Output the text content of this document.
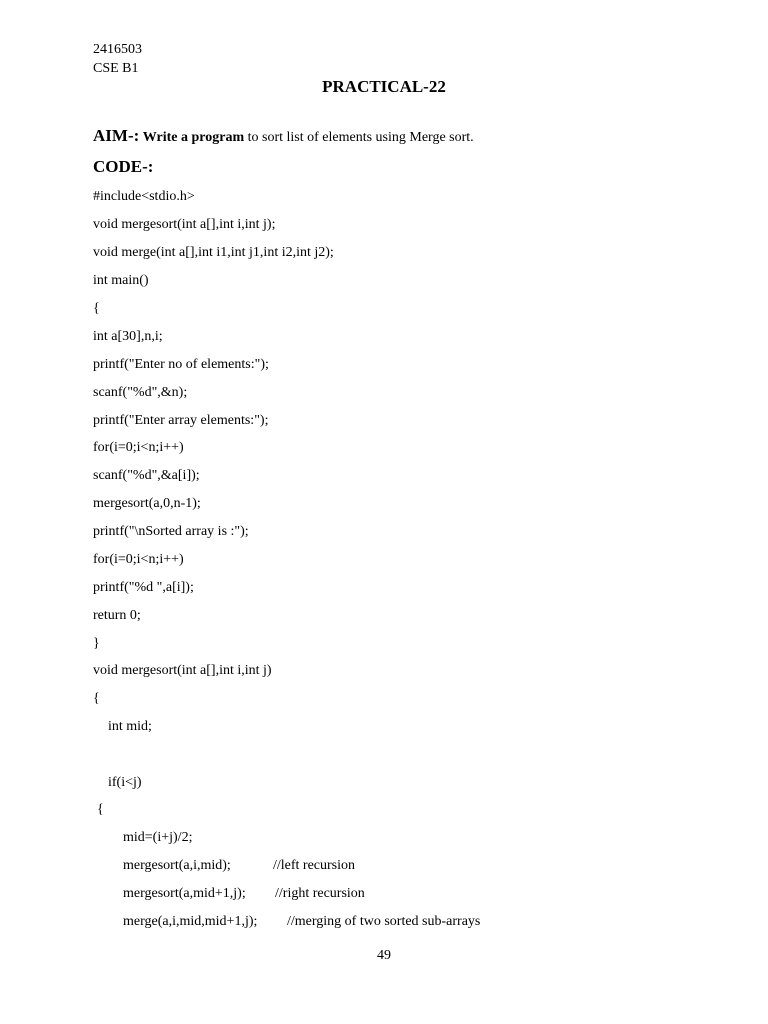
2416503
CSE B1
PRACTICAL-22
AIM-: Write a program to sort list of elements using Merge sort.
CODE-:
#include<stdio.h>
void mergesort(int a[],int i,int j);
void merge(int a[],int i1,int j1,int i2,int j2);
int main()
{
int a[30],n,i;
printf("Enter no of elements:");
scanf("%d",&n);
printf("Enter array elements:");
for(i=0;i<n;i++)
scanf("%d",&a[i]);
mergesort(a,0,n-1);
printf("\nSorted array is :");
for(i=0;i<n;i++)
printf("%d ",a[i]);
return 0;
}
void mergesort(int a[],int i,int j)
{
int mid;
if(i<j)
{
mid=(i+j)/2;
mergesort(a,i,mid);	//left recursion
mergesort(a,mid+1,j); //right recursion
merge(a,i,mid,mid+1,j); //merging of two sorted sub-arrays
49
